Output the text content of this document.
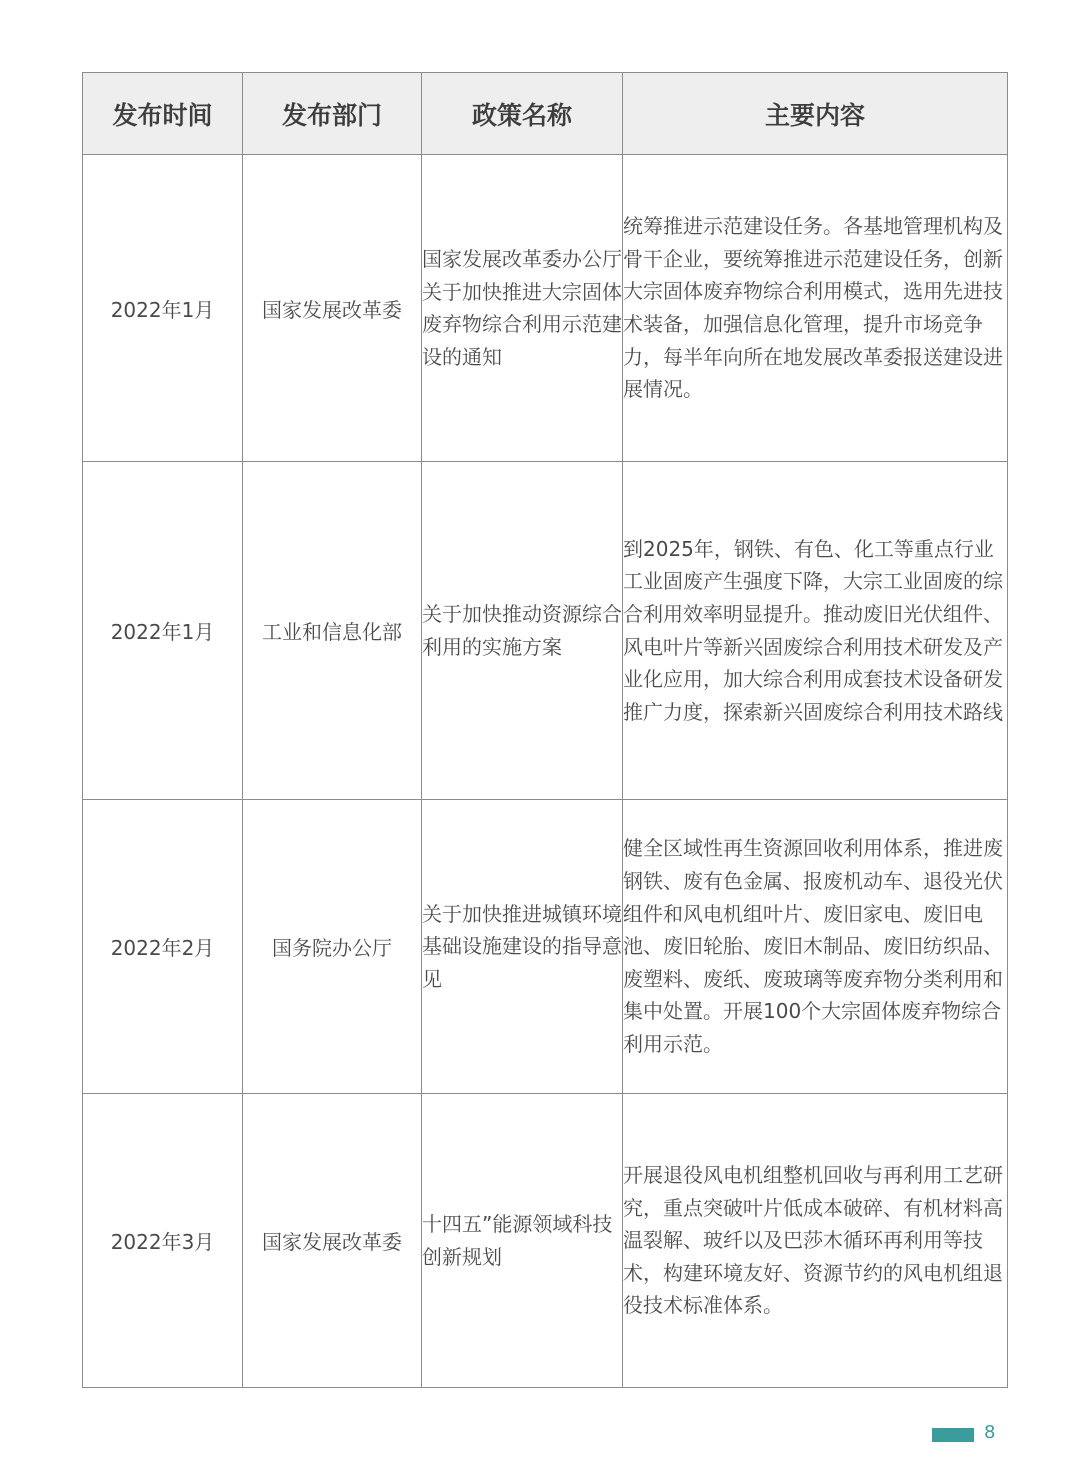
发布时间	发布部门	政策名称	主要内容
2022年1月	国家发展改革委	国家发展改革委办公厅关于加快推进大宗固体废弃物综合利用示范建设的通知	统筹推进示范建设任务。各基地管理机构及骨干企业，要统筹推进示范建设任务，创新大宗固体废弃物综合利用模式，选用先进技术装备，加强信息化管理，提升市场竞争力，每半年向所在地发展改革委报送建设进展情况。
2022年1月	工业和信息化部	关于加快推动资源综合利用的实施方案	到2025年，钢铁、有色、化工等重点行业工业固废产生强度下降，大宗工业固废的综合利用效率明显提升。推动废旧光伏组件、风电叶片等新兴固废综合利用技术研发及产业化应用，加大综合利用成套技术设备研发推广力度，探索新兴固废综合利用技术路线
2022年2月	国务院办公厅	关于加快推进城镇环境基础设施建设的指导意见	健全区域性再生资源回收利用体系，推进废钢铁、废有色金属、报废机动车、退役光伏组件和风电机组叶片、废旧家电、废旧电池、废旧轮胎、废旧木制品、废旧纺织品、废塑料、废纸、废玻璃等废弃物分类利用和集中处置。开展100个大宗固体废弃物综合利用示范。
2022年3月	国家发展改革委	十四五”能源领域科技创新规划	开展退役风电机组整机回收与再利用工艺研究，重点突破叶片低成本破碎、有机材料高温裂解、玻纤以及巴莎木循环再利用等技术，构建环境友好、资源节约的风电机组退役技术标准体系。
8
